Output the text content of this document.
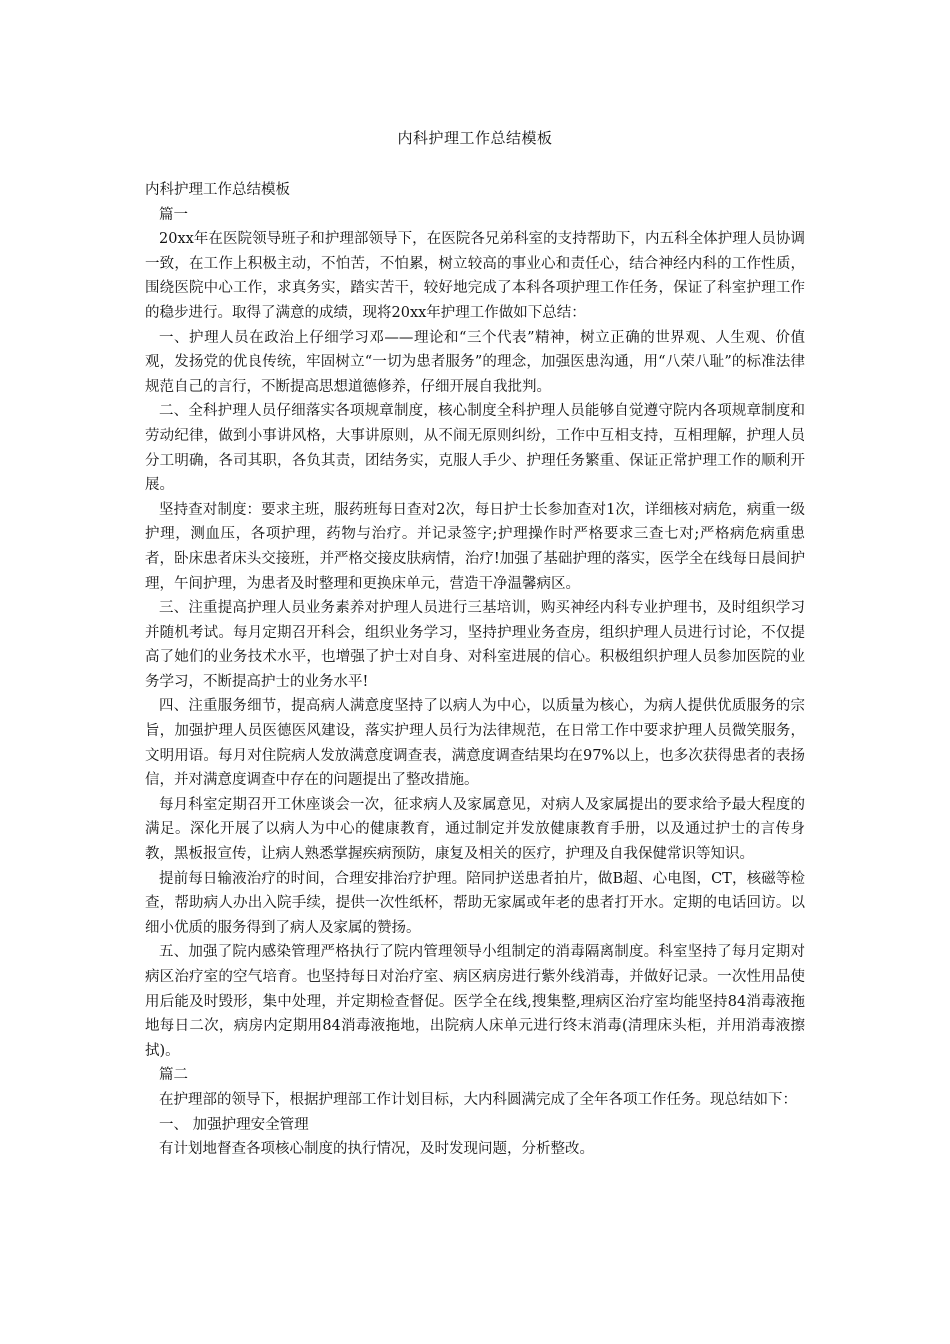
内科护理工作总结模板

内科护理工作总结模板

篇一

20xx年在医院领导班子和护理部领导下，在医院各兄弟科室的支持帮助下，内五科全体护理人员协调一致，在工作上积极主动，不怕苦，不怕累，树立较高的事业心和责任心，结合神经内科的工作性质，围绕医院中心工作，求真务实，踏实苦干，较好地完成了本科各项护理工作任务，保证了科室护理工作的稳步进行。取得了满意的成绩，现将20xx年护理工作做如下总结：

一、护理人员在政治上仔细学习邓——理论和“三个代表”精神，树立正确的世界观、人生观、价值观，发扬党的优良传统，牢固树立“一切为患者服务”的理念，加强医患沟通，用“八荣八耻”的标准法律规范自己的言行，不断提高思想道德修养，仔细开展自我批判。

二、全科护理人员仔细落实各项规章制度，核心制度全科护理人员能够自觉遵守院内各项规章制度和劳动纪律，做到小事讲风格，大事讲原则，从不闹无原则纠纷，工作中互相支持，互相理解，护理人员分工明确，各司其职，各负其责，团结务实，克服人手少、护理任务繁重、保证正常护理工作的顺利开展。

坚持查对制度：要求主班，服药班每日查对2次，每日护士长参加查对1次，详细核对病危，病重一级护理，测血压，各项护理，药物与治疗。并记录签字;护理操作时严格要求三查七对;严格病危病重患者，卧床患者床头交接班，并严格交接皮肤病情，治疗!加强了基础护理的落实，医学全在线每日晨间护理，午间护理，为患者及时整理和更换床单元，营造干净温馨病区。

三、注重提高护理人员业务素养对护理人员进行三基培训，购买神经内科专业护理书，及时组织学习并随机考试。每月定期召开科会，组织业务学习，坚持护理业务查房，组织护理人员进行讨论，不仅提高了她们的业务技术水平，也增强了护士对自身、对科室进展的信心。积极组织护理人员参加医院的业务学习，不断提高护士的业务水平!

四、注重服务细节，提高病人满意度坚持了以病人为中心，以质量为核心，为病人提供优质服务的宗旨，加强护理人员医德医风建设，落实护理人员行为法律规范，在日常工作中要求护理人员微笑服务，文明用语。每月对住院病人发放满意度调查表，满意度调查结果均在97%以上，也多次获得患者的表扬信，并对满意度调查中存在的问题提出了整改措施。

每月科室定期召开工休座谈会一次，征求病人及家属意见，对病人及家属提出的要求给予最大程度的满足。深化开展了以病人为中心的健康教育，通过制定并发放健康教育手册，以及通过护士的言传身教，黑板报宣传，让病人熟悉掌握疾病预防，康复及相关的医疗，护理及自我保健常识等知识。

提前每日输液治疗的时间，合理安排治疗护理。陪同护送患者拍片，做B超、心电图，CT，核磁等检查，帮助病人办出入院手续，提供一次性纸杯，帮助无家属或年老的患者打开水。定期的电话回访。以细小优质的服务得到了病人及家属的赞扬。

五、加强了院内感染管理严格执行了院内管理领导小组制定的消毒隔离制度。科室坚持了每月定期对病区治疗室的空气培育。也坚持每日对治疗室、病区病房进行紫外线消毒，并做好记录。一次性用品使用后能及时毁形，集中处理，并定期检查督促。医学全在线,搜集整,理病区治疗室均能坚持84消毒液拖地每日二次，病房内定期用84消毒液拖地，出院病人床单元进行终末消毒(清理床头柜，并用消毒液擦拭)。

篇二

在护理部的领导下，根据护理部工作计划目标，大内科圆满完成了全年各项工作任务。现总结如下：

一、 加强护理安全管理

有计划地督查各项核心制度的执行情况，及时发现问题，分析整改。
